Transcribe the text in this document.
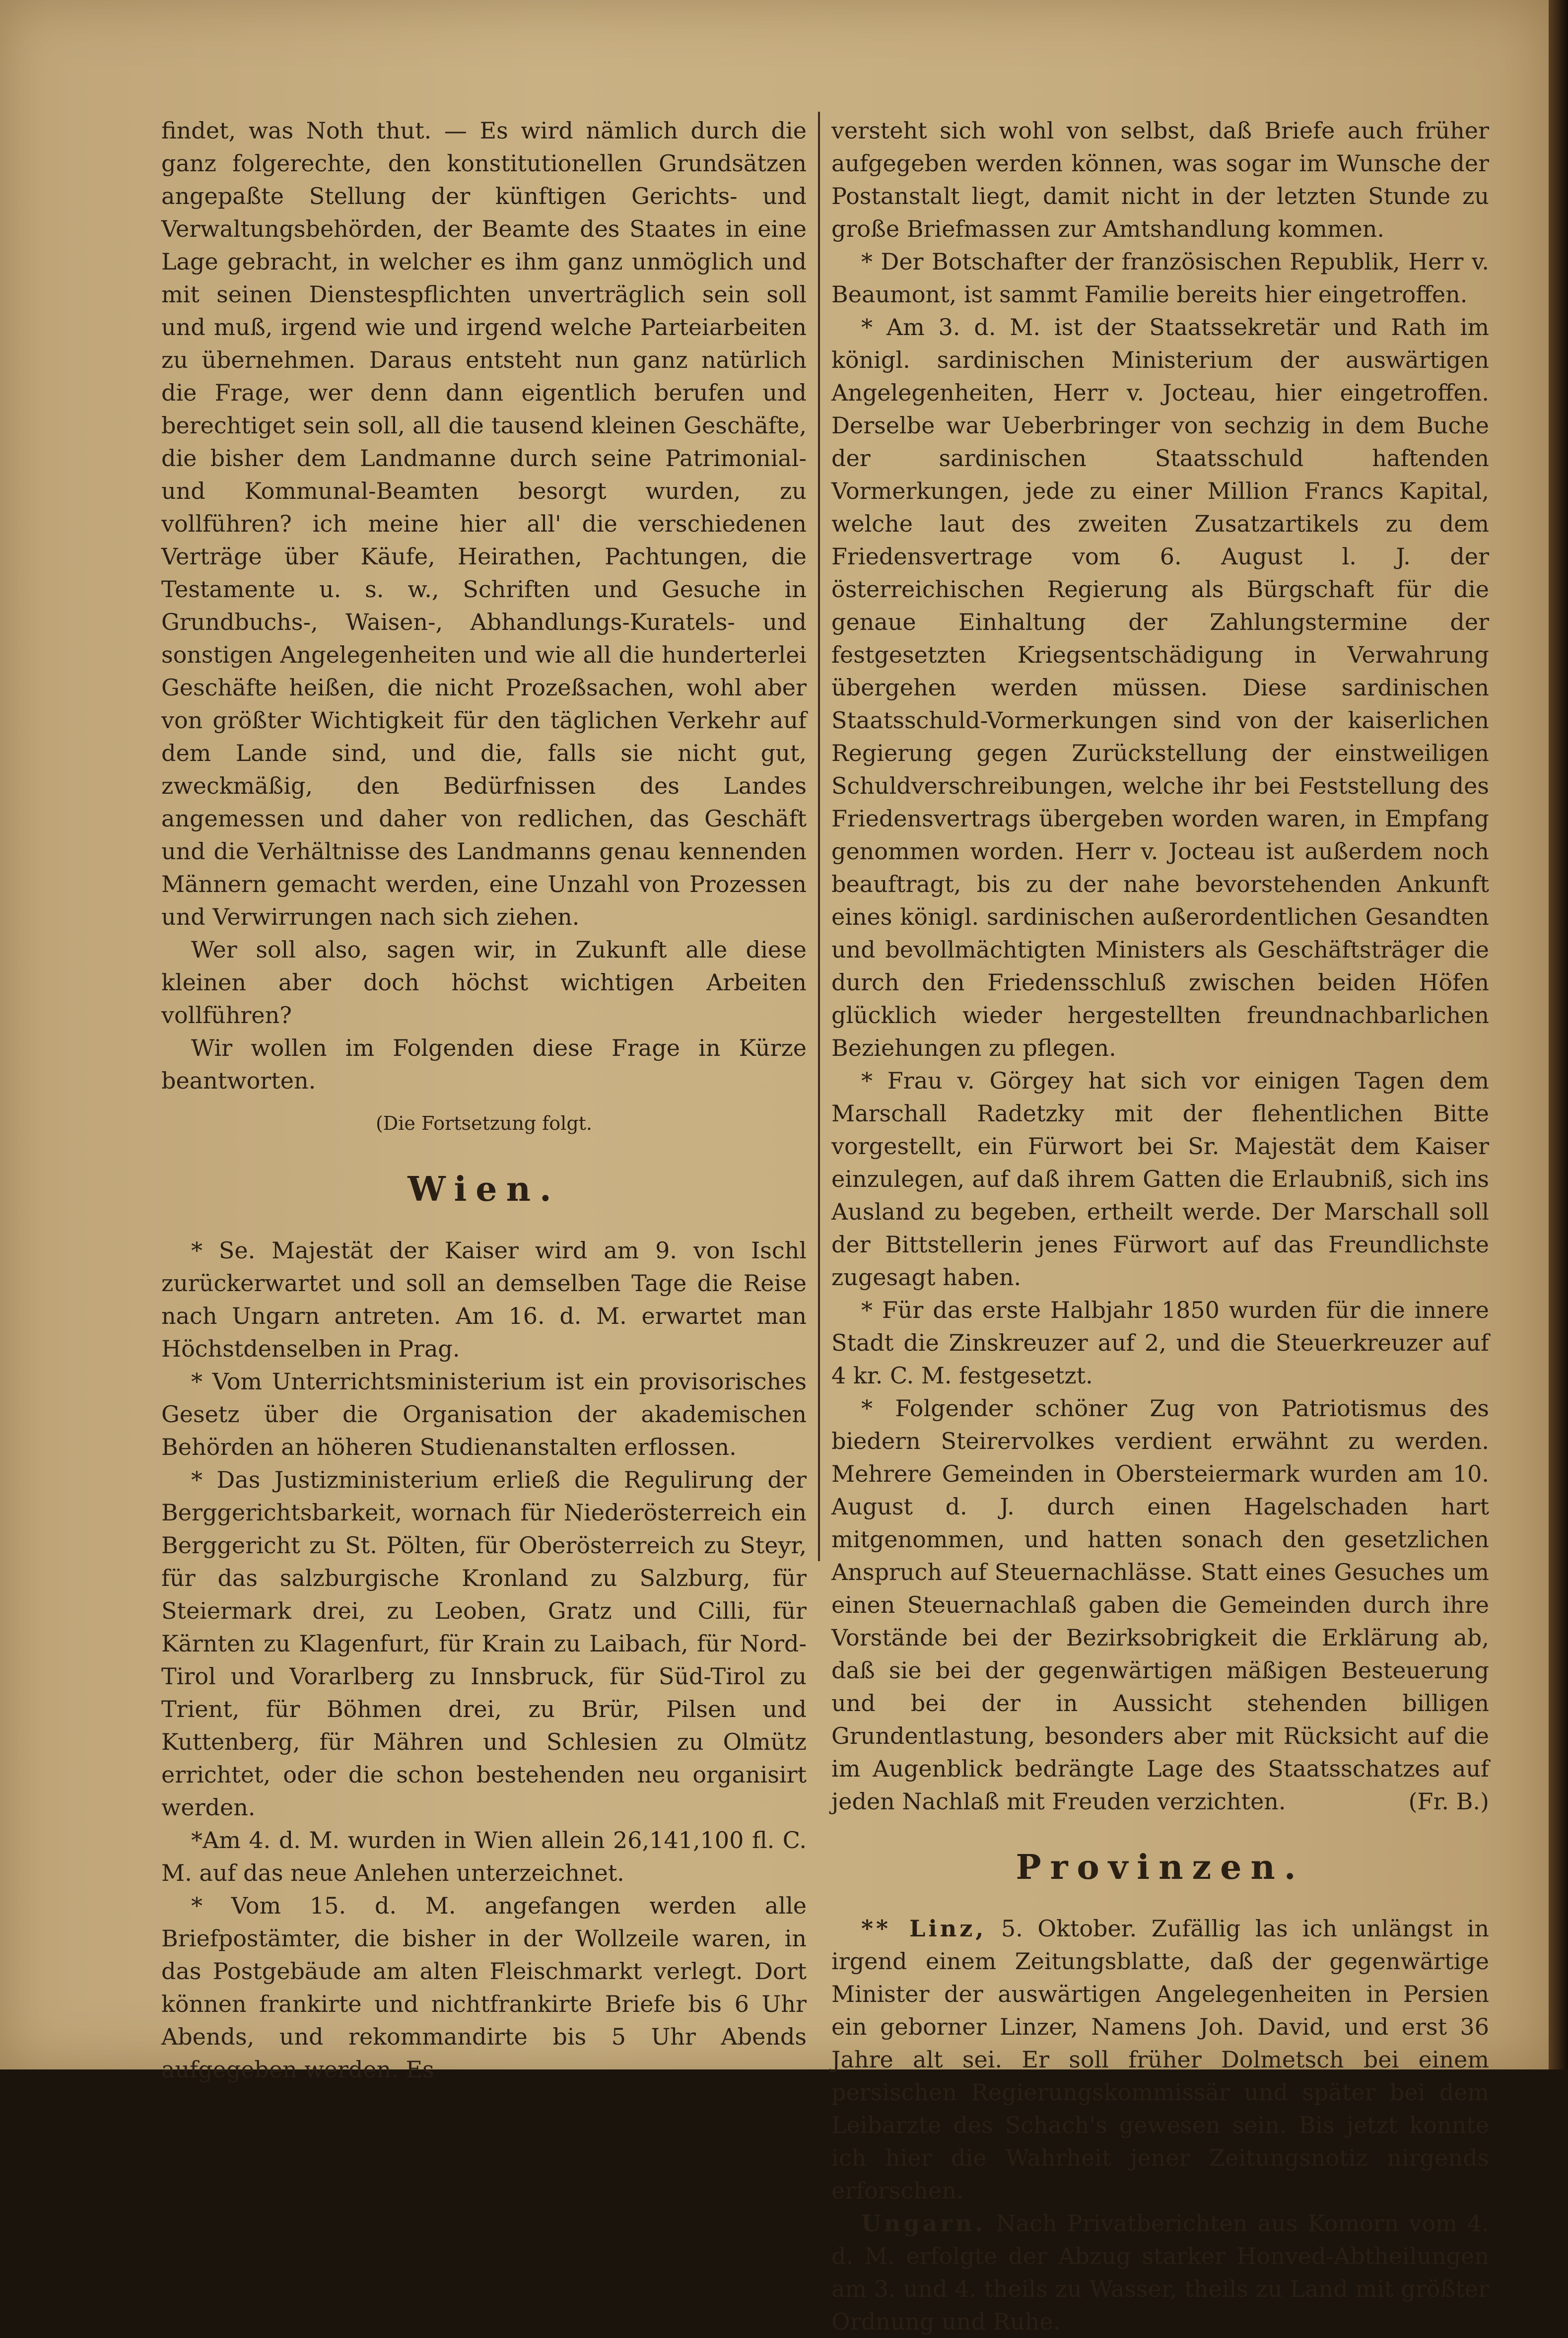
findet, was Noth thut. — Es wird nämlich durch die ganz folgerechte, den konstitutionellen Grundsätzen angepaßte Stellung der künftigen Gerichts- und Verwaltungsbehörden, der Beamte des Staates in eine Lage gebracht, in welcher es ihm ganz unmöglich und mit seinen Dienstespflichten unverträglich sein soll und muß, irgend wie und irgend welche Parteiarbeiten zu übernehmen. Daraus entsteht nun ganz natürlich die Frage, wer denn dann eigentlich berufen und berechtiget sein soll, all die tausend kleinen Geschäfte, die bisher dem Landmanne durch seine Patrimonial- und Kommunal-Beamten besorgt wurden, zu vollführen? ich meine hier all' die verschiedenen Verträge über Käufe, Heirathen, Pachtungen, die Testamente u. s. w., Schriften und Gesuche in Grundbuchs-, Waisen-, Abhandlungs-Kuratels- und sonstigen Angelegenheiten und wie all die hunderterlei Geschäfte heißen, die nicht Prozeßsachen, wohl aber von größter Wichtigkeit für den täglichen Verkehr auf dem Lande sind, und die, falls sie nicht gut, zweckmäßig, den Bedürfnissen des Landes angemessen und daher von redlichen, das Geschäft und die Verhältnisse des Landmanns genau kennenden Männern gemacht werden, eine Unzahl von Prozessen und Verwirrungen nach sich ziehen.

Wer soll also, sagen wir, in Zukunft alle diese kleinen aber doch höchst wichtigen Arbeiten vollführen?

Wir wollen im Folgenden diese Frage in Kürze beantworten.

(Die Fortsetzung folgt.
Wien.

* Se. Majestät der Kaiser wird am 9. von Ischl zurückerwartet und soll an demselben Tage die Reise nach Ungarn antreten. Am 16. d. M. erwartet man Höchstdenselben in Prag.

* Vom Unterrichtsministerium ist ein provisorisches Gesetz über die Organisation der akademischen Behörden an höheren Studienanstalten erflossen.

* Das Justizministerium erließ die Regulirung der Berggerichtsbarkeit, wornach für Niederösterreich ein Berggericht zu St. Pölten, für Oberösterreich zu Steyr, für das salzburgische Kronland zu Salzburg, für Steiermark drei, zu Leoben, Gratz und Cilli, für Kärnten zu Klagenfurt, für Krain zu Laibach, für Nord-Tirol und Vorarlberg zu Innsbruck, für Süd-Tirol zu Trient, für Böhmen drei, zu Brür, Pilsen und Kuttenberg, für Mähren und Schlesien zu Olmütz errichtet, oder die schon bestehenden neu organisirt werden.

*Am 4. d. M. wurden in Wien allein 26,141,100 fl. C. M. auf das neue Anlehen unterzeichnet.

* Vom 15. d. M. angefangen werden alle Briefpostämter, die bisher in der Wollzeile waren, in das Postgebäude am alten Fleischmarkt verlegt. Dort können frankirte und nichtfrankirte Briefe bis 6 Uhr Abends, und rekommandirte bis 5 Uhr Abends aufgegeben werden. Es

versteht sich wohl von selbst, daß Briefe auch früher aufgegeben werden können, was sogar im Wunsche der Postanstalt liegt, damit nicht in der letzten Stunde zu große Briefmassen zur Amtshandlung kommen.

* Der Botschafter der französischen Republik, Herr v. Beaumont, ist sammt Familie bereits hier eingetroffen.

* Am 3. d. M. ist der Staatssekretär und Rath im königl. sardinischen Ministerium der auswärtigen Angelegenheiten, Herr v. Jocteau, hier eingetroffen. Derselbe war Ueberbringer von sechzig in dem Buche der sardinischen Staatsschuld haftenden Vormerkungen, jede zu einer Million Francs Kapital, welche laut des zweiten Zusatzartikels zu dem Friedensvertrage vom 6. August l. J. der österreichischen Regierung als Bürgschaft für die genaue Einhaltung der Zahlungstermine der festgesetzten Kriegsentschädigung in Verwahrung übergehen werden müssen. Diese sardinischen Staatsschuld-Vormerkungen sind von der kaiserlichen Regierung gegen Zurückstellung der einstweiligen Schuldverschreibungen, welche ihr bei Feststellung des Friedensvertrags übergeben worden waren, in Empfang genommen worden. Herr v. Jocteau ist außerdem noch beauftragt, bis zu der nahe bevorstehenden Ankunft eines königl. sardinischen außerordentlichen Gesandten und bevollmächtigten Ministers als Geschäftsträger die durch den Friedensschluß zwischen beiden Höfen glücklich wieder hergestellten freundnachbarlichen Beziehungen zu pflegen.

* Frau v. Görgey hat sich vor einigen Tagen dem Marschall Radetzky mit der flehentlichen Bitte vorgestellt, ein Fürwort bei Sr. Majestät dem Kaiser einzulegen, auf daß ihrem Gatten die Erlaubniß, sich ins Ausland zu begeben, ertheilt werde. Der Marschall soll der Bittstellerin jenes Fürwort auf das Freundlichste zugesagt haben.

* Für das erste Halbjahr 1850 wurden für die innere Stadt die Zinskreuzer auf 2, und die Steuerkreuzer auf 4 kr. C. M. festgesetzt.

* Folgender schöner Zug von Patriotismus des biedern Steirervolkes verdient erwähnt zu werden. Mehrere Gemeinden in Obersteiermark wurden am 10. August d. J. durch einen Hagelschaden hart mitgenommen, und hatten sonach den gesetzlichen Anspruch auf Steuernachlässe. Statt eines Gesuches um einen Steuernachlaß gaben die Gemeinden durch ihre Vorstände bei der Bezirksobrigkeit die Erklärung ab, daß sie bei der gegenwärtigen mäßigen Besteuerung und bei der in Aussicht stehenden billigen Grundentlastung, besonders aber mit Rücksicht auf die im Augenblick bedrängte Lage des Staatsschatzes auf jeden Nachlaß mit Freuden verzichten.	(Fr. B.)

Provinzen.

** Linz, 5. Oktober. Zufällig las ich unlängst in irgend einem Zeitungsblatte, daß der gegenwärtige Minister der auswärtigen Angelegenheiten in Persien ein geborner Linzer, Namens Joh. David, und erst 36 Jahre alt sei. Er soll früher Dolmetsch bei einem persischen Regierungskommissär und später bei dem Leibarzte des Schach's gewesen sein. Bis jetzt konnte ich hier die Wahrheit jener Zeitungsnotiz nirgends erforschen.

Ungarn. Nach Privatberichten aus Komorn vom 4. d. M. erfolgte der Abzug starker Honved-Abtheilungen am 3. und 4. theils zu Wasser, theils zu Land mit größter Ordnung und Ruhe.
